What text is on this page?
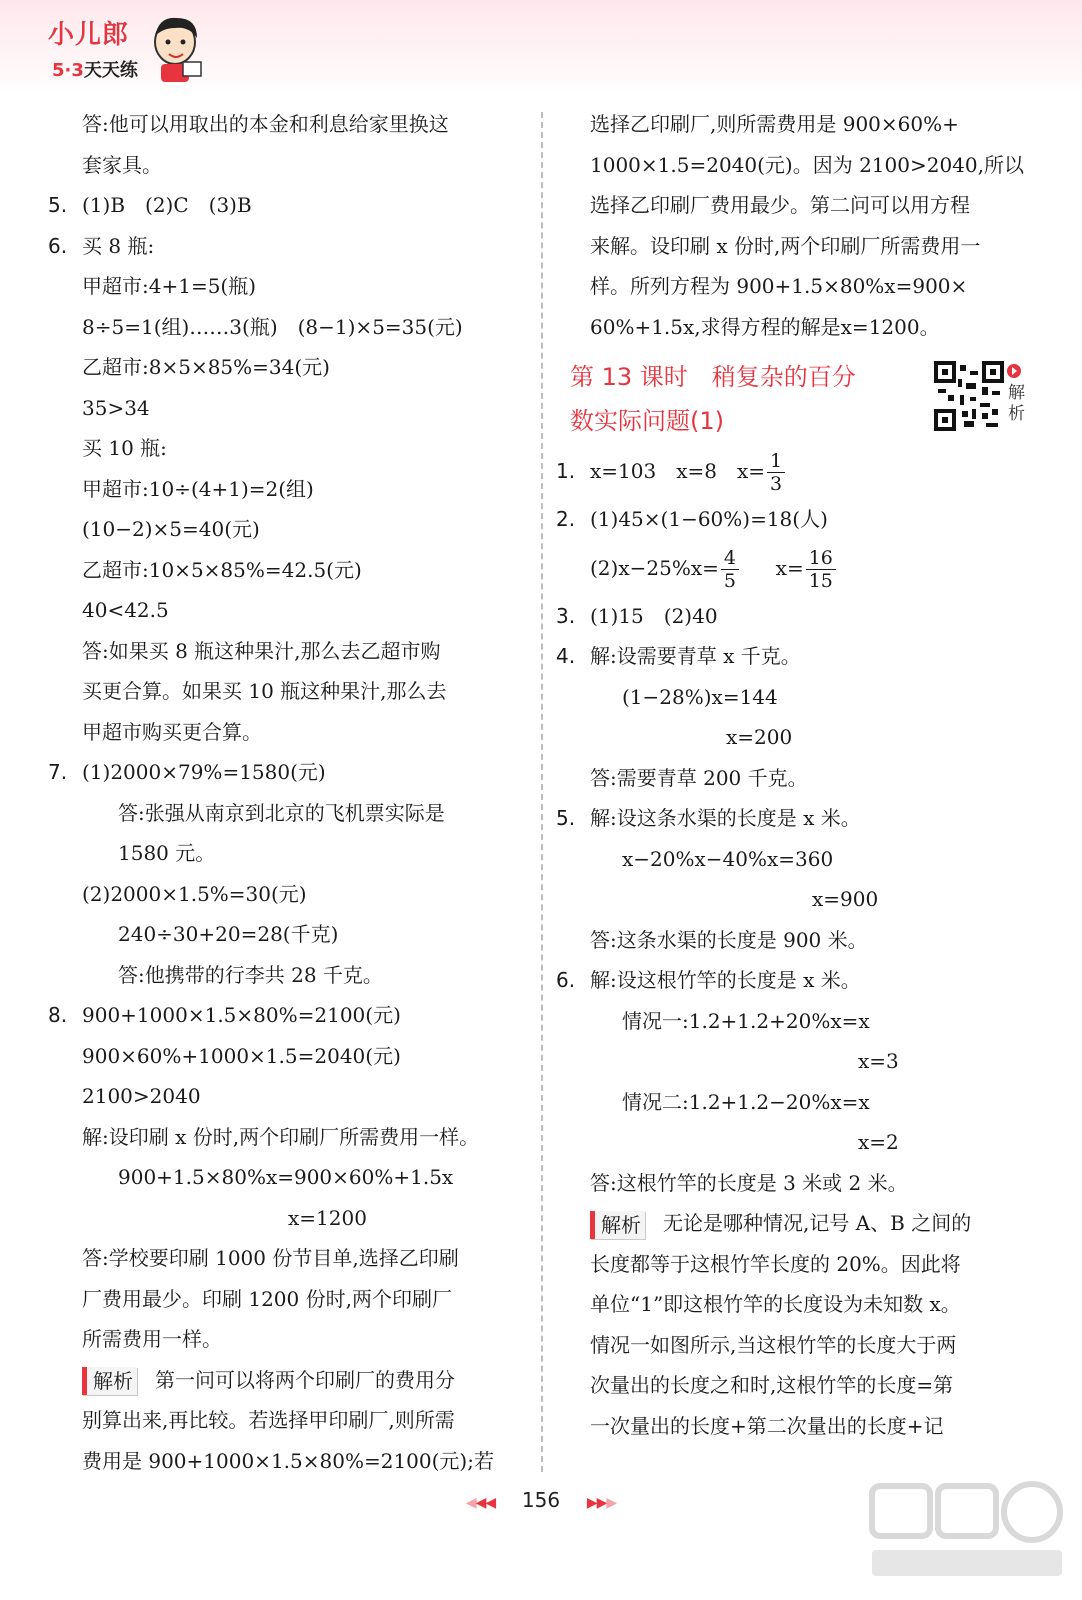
小儿郎
5·3天天练
答:他可以用取出的本金和利息给家里换这
套家具。
5. (1)B　(2)C　(3)B
6. 买 8 瓶:
甲超市:4+1=5(瓶)
8÷5=1(组)……3(瓶)　(8−1)×5=35(元)
乙超市:8×5×85%=34(元)
35>34
买 10 瓶:
甲超市:10÷(4+1)=2(组)
(10−2)×5=40(元)
乙超市:10×5×85%=42.5(元)
40<42.5
答:如果买 8 瓶这种果汁,那么去乙超市购
买更合算。如果买 10 瓶这种果汁,那么去
甲超市购买更合算。
7. (1)2000×79%=1580(元)
答:张强从南京到北京的飞机票实际是
1580 元。
(2)2000×1.5%=30(元)
240÷30+20=28(千克)
答:他携带的行李共 28 千克。
8. 900+1000×1.5×80%=2100(元)
900×60%+1000×1.5=2040(元)
2100>2040
解:设印刷 x 份时,两个印刷厂所需费用一样。
900+1.5×80%x=900×60%+1.5x
x=1200
答:学校要印刷 1000 份节目单,选择乙印刷
厂费用最少。印刷 1200 份时,两个印刷厂
所需费用一样。
解析 第一问可以将两个印刷厂的费用分
别算出来,再比较。若选择甲印刷厂,则所需
费用是 900+1000×1.5×80%=2100(元);若
选择乙印刷厂,则所需费用是 900×60%+
1000×1.5=2040(元)。因为 2100>2040,所以
选择乙印刷厂费用最少。第二问可以用方程
来解。设印刷 x 份时,两个印刷厂所需费用一
样。所列方程为 900+1.5×80%x=900×
60%+1.5x,求得方程的解是x=1200。
第 13 课时　稍复杂的百分
数实际问题(1)
解析
1. x=103　x=8　$x= \frac{1}{3}$
2. (1)45×(1−60%)=18(人)
$(2)x-25\%x= \frac{4}{5} x= \frac{16}{15}$
3. (1)15　(2)40
4. 解:设需要青草 x 千克。
(1−28%)x=144
x=200
答:需要青草 200 千克。
5. 解:设这条水渠的长度是 x 米。
x−20%x−40%x=360
x=900
答:这条水渠的长度是 900 米。
6. 解:设这根竹竿的长度是 x 米。
情况一:1.2+1.2+20%x=x
x=3
情况二:1.2+1.2−20%x=x
x=2
答:这根竹竿的长度是 3 米或 2 米。
解析 无论是哪种情况,记号 A、B 之间的
长度都等于这根竹竿长度的 20%。因此将
单位“1”即这根竹竿的长度设为未知数 x。
情况一如图所示,当这根竹竿的长度大于两
次量出的长度之和时,这根竹竿的长度=第
一次量出的长度+第二次量出的长度+记
◀◀◀ 156 ▶▶▶
